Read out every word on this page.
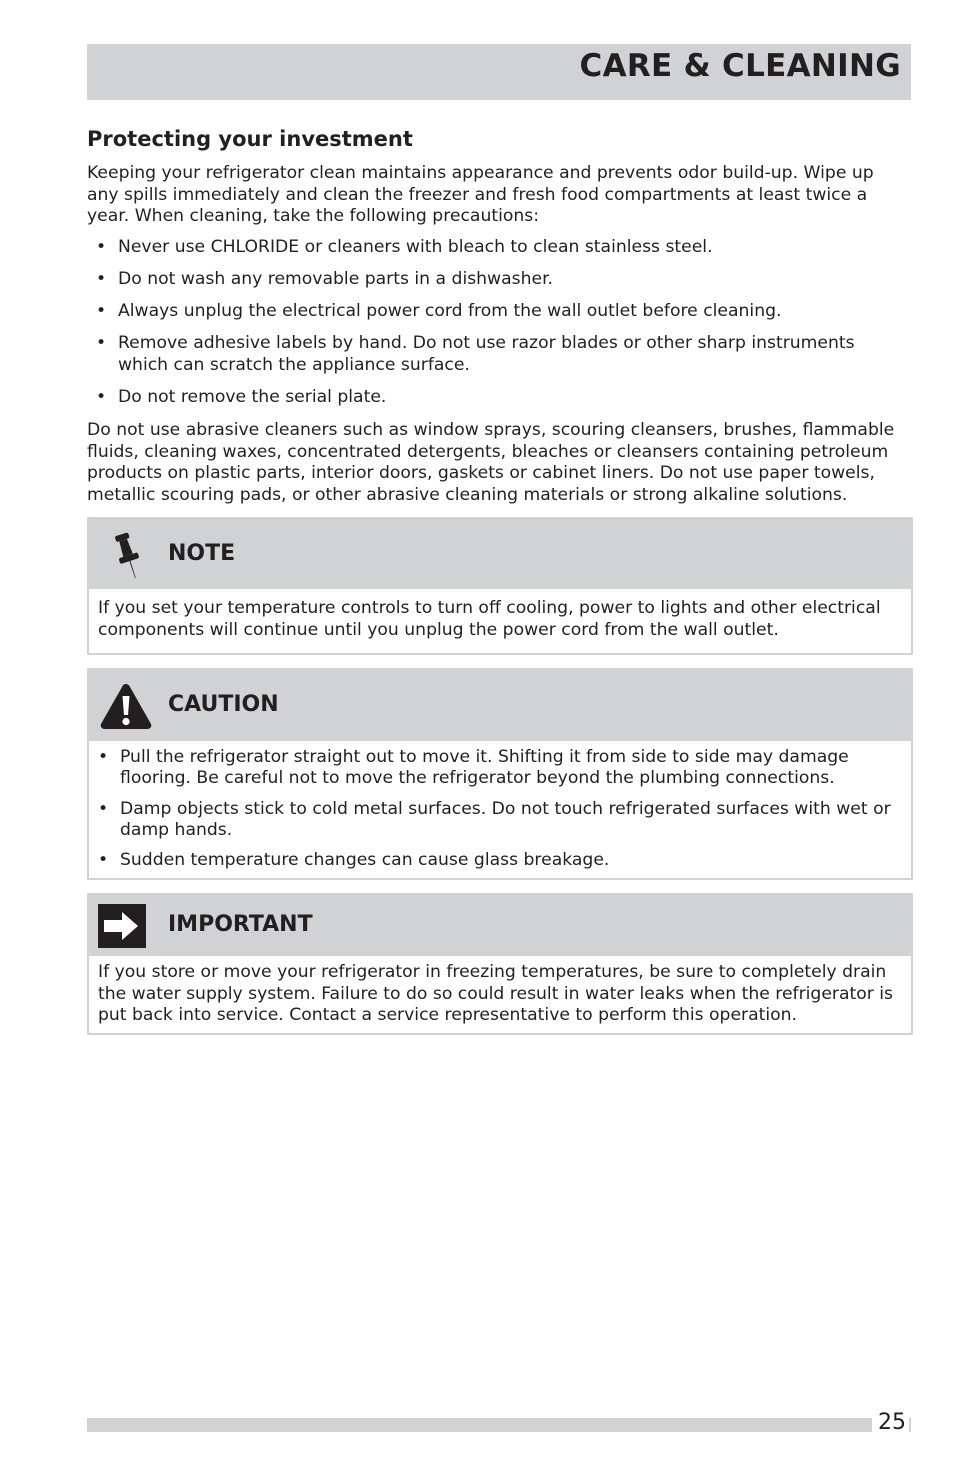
CARE & CLEANING
Protecting your investment

Keeping your refrigerator clean maintains appearance and prevents odor build-up. Wipe up any spills immediately and clean the freezer and fresh food compartments at least twice a year. When cleaning, take the following precautions:

• Never use CHLORIDE or cleaners with bleach to clean stainless steel.
• Do not wash any removable parts in a dishwasher.
• Always unplug the electrical power cord from the wall outlet before cleaning.
• Remove adhesive labels by hand. Do not use razor blades or other sharp instruments which can scratch the appliance surface.
• Do not remove the serial plate.

Do not use abrasive cleaners such as window sprays, scouring cleansers, brushes, flammable fluids, cleaning waxes, concentrated detergents, bleaches or cleansers containing petroleum products on plastic parts, interior doors, gaskets or cabinet liners. Do not use paper towels, metallic scouring pads, or other abrasive cleaning materials or strong alkaline solutions.

NOTE

If you set your temperature controls to turn off cooling, power to lights and other electrical components will continue until you unplug the power cord from the wall outlet.

CAUTION
• Pull the refrigerator straight out to move it. Shifting it from side to side may damage flooring. Be careful not to move the refrigerator beyond the plumbing connections.
• Damp objects stick to cold metal surfaces. Do not touch refrigerated surfaces with wet or damp hands.
• Sudden temperature changes can cause glass breakage.
IMPORTANT

If you store or move your refrigerator in freezing temperatures, be sure to completely drain the water supply system. Failure to do so could result in water leaks when the refrigerator is put back into service. Contact a service representative to perform this operation.

25
